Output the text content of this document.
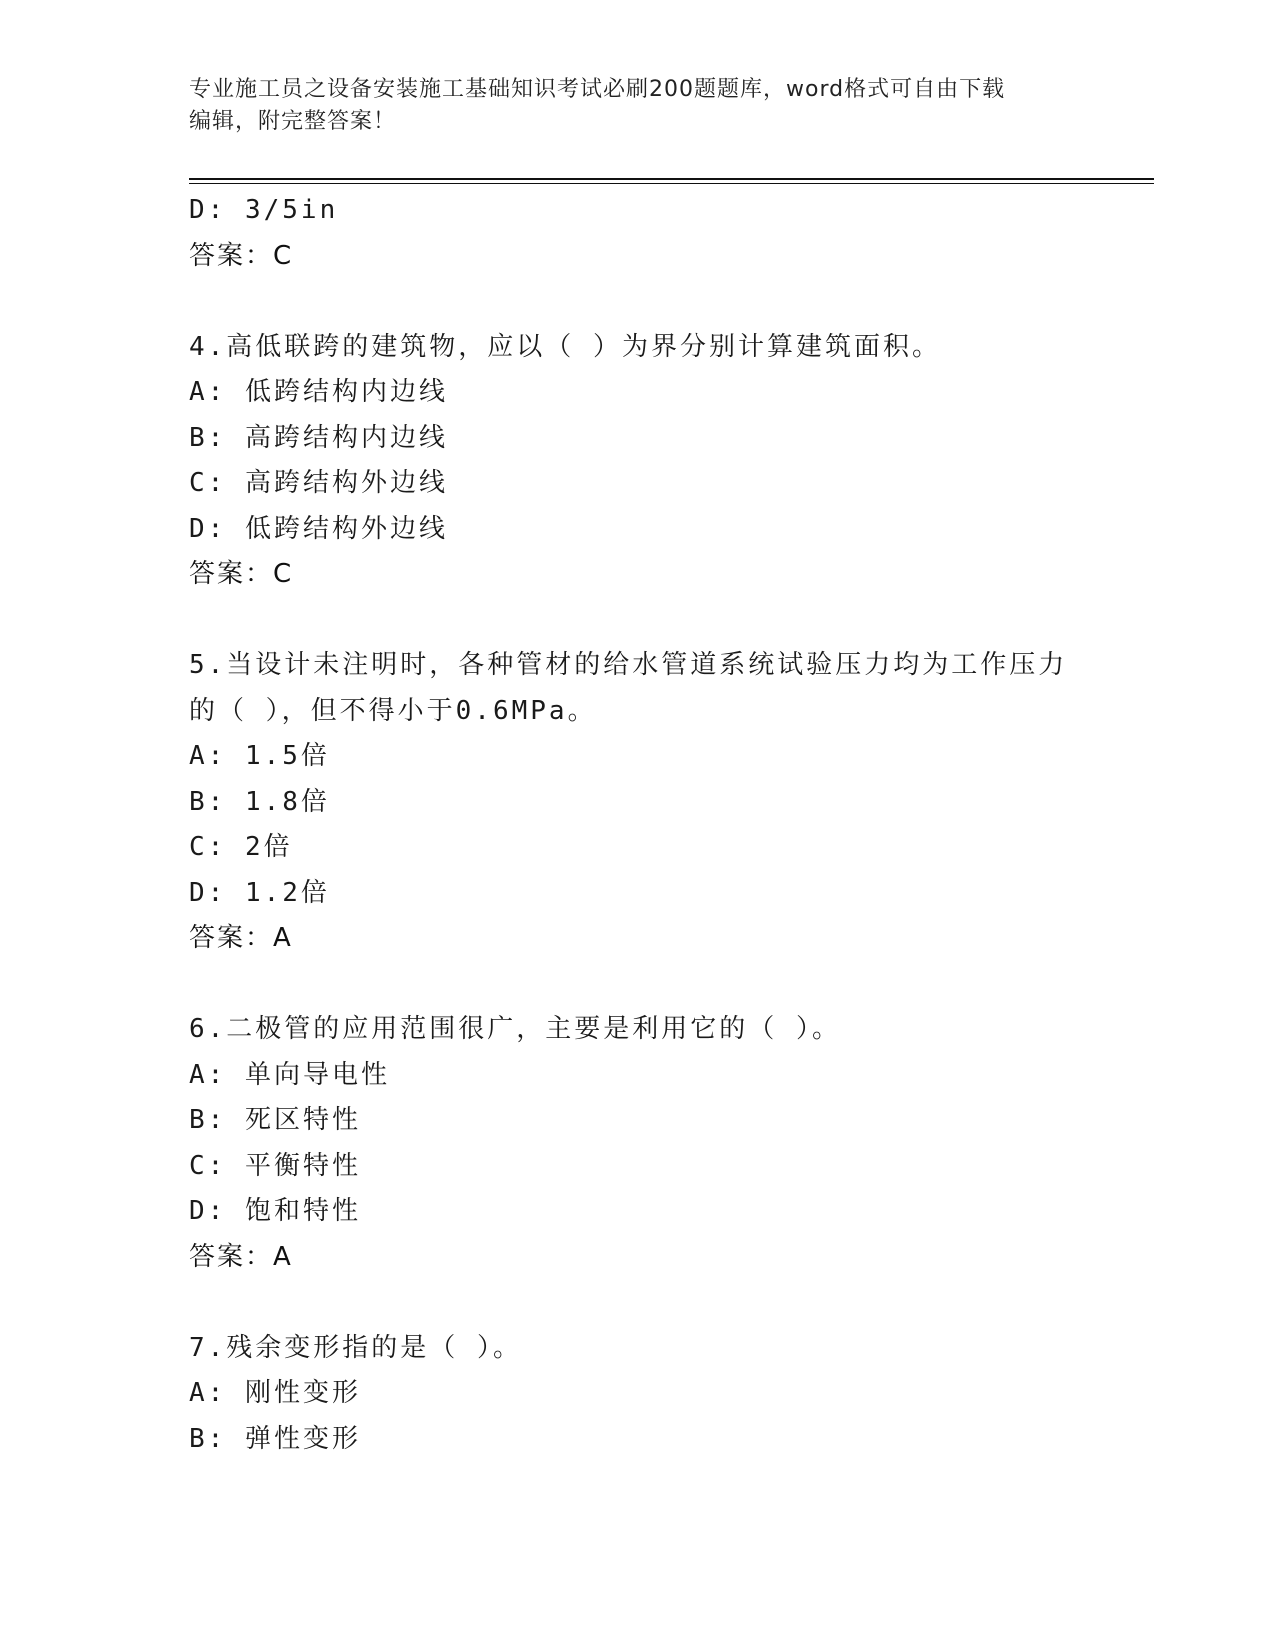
专业施工员之设备安装施工基础知识考试必刷200题题库，word格式可自由下载
编辑，附完整答案！
D: 3/5in
答案：C
4.高低联跨的建筑物，应以（ ）为界分别计算建筑面积。
A: 低跨结构内边线
B: 高跨结构内边线
C: 高跨结构外边线
D: 低跨结构外边线
答案：C
5.当设计未注明时，各种管材的给水管道系统试验压力均为工作压力
的（ ），但不得小于0.6MPa。
A: 1.5倍
B: 1.8倍
C: 2倍
D: 1.2倍
答案：A
6.二极管的应用范围很广，主要是利用它的（ ）。
A: 单向导电性
B: 死区特性
C: 平衡特性
D: 饱和特性
答案：A
7.残余变形指的是（ ）。
A: 刚性变形
B: 弹性变形
